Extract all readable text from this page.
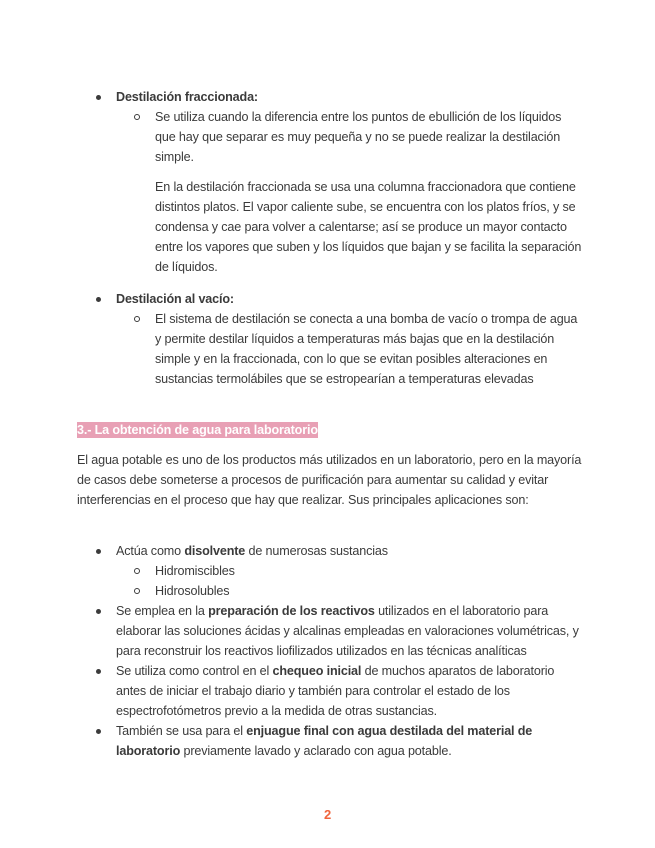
Destilación fraccionada:
Se utiliza cuando la diferencia entre los puntos de ebullición de los líquidos que hay que separar es muy pequeña y no se puede realizar la destilación simple.
En la destilación fraccionada se usa una columna fraccionadora que contiene distintos platos. El vapor caliente sube, se encuentra con los platos fríos, y se condensa y cae para volver a calentarse; así se produce un mayor contacto entre los vapores que suben y los líquidos que bajan y se facilita la separación de líquidos.
Destilación al vacío:
El sistema de destilación se conecta a una bomba de vacío o trompa de agua y permite destilar líquidos a temperaturas más bajas que en la destilación simple y en la fraccionada, con lo que se evitan posibles alteraciones en sustancias termolábiles que se estropearían a temperaturas elevadas
3.- La obtención de agua para laboratorio
El agua potable es uno de los productos más utilizados en un laboratorio, pero en la mayoría de casos debe someterse a procesos de purificación para aumentar su calidad y evitar interferencias en el proceso que hay que realizar. Sus principales aplicaciones son:
Actúa como disolvente de numerosas sustancias
Hidromiscibles
Hidrosolubles
Se emplea en la preparación de los reactivos utilizados en el laboratorio para elaborar las soluciones ácidas y alcalinas empleadas en valoraciones volumétricas, y para reconstruir los reactivos liofilizados utilizados en las técnicas analíticas
Se utiliza como control en el chequeo inicial de muchos aparatos de laboratorio antes de iniciar el trabajo diario y también para controlar el estado de los espectrofotómetros previo a la medida de otras sustancias.
También se usa para el enjuague final con agua destilada del material de laboratorio previamente lavado y aclarado con agua potable.
2
